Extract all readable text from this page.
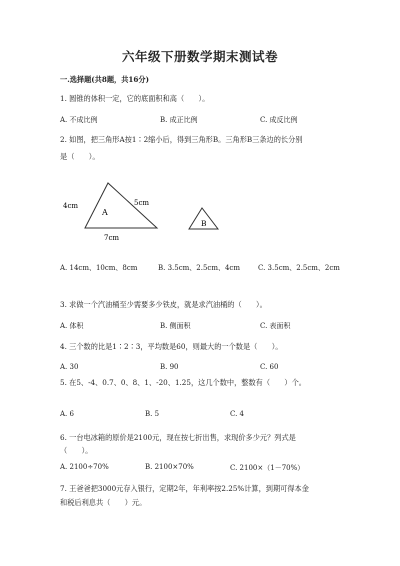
六年级下册数学期末测试卷
一.选择题(共8题，共16分)
1. 圆锥的体积一定，它的底面积和高（　　）。
A. 不成比例	B. 成正比例	C. 成反比例
2. 如图，把三角形A按1∶2缩小后，得到三角形B。三角形B三条边的长分别
是（　　）。
A
4cm	5cm
7cm
B
A. 14cm、10cm、8cm	B. 3.5cm、2.5cm、4cm	C. 3.5cm、2.5cm、2cm
3. 求做一个汽油桶至少需要多少铁皮，就是求汽油桶的（　　）。
A. 体积	B. 侧面积	C. 表面积
4. 三个数的比是1∶2∶3，平均数是60，则最大的一个数是（　　）。
A. 30	B. 90	C. 60
5. 在5、-4、0.7、0、8、1、-20、1.25，这几个数中，整数有（　　）个。
A. 6	B. 5	C. 4
6. 一台电冰箱的原价是2100元，现在按七折出售，求现价多少元？列式是
（　　）。
A. 2100÷70%	B. 2100×70%	C. 2100×（1－70%）
7. 王爸爸把3000元存入银行，定期2年，年利率按2.25%计算，到期可得本金
和税后利息共（　　）元。
